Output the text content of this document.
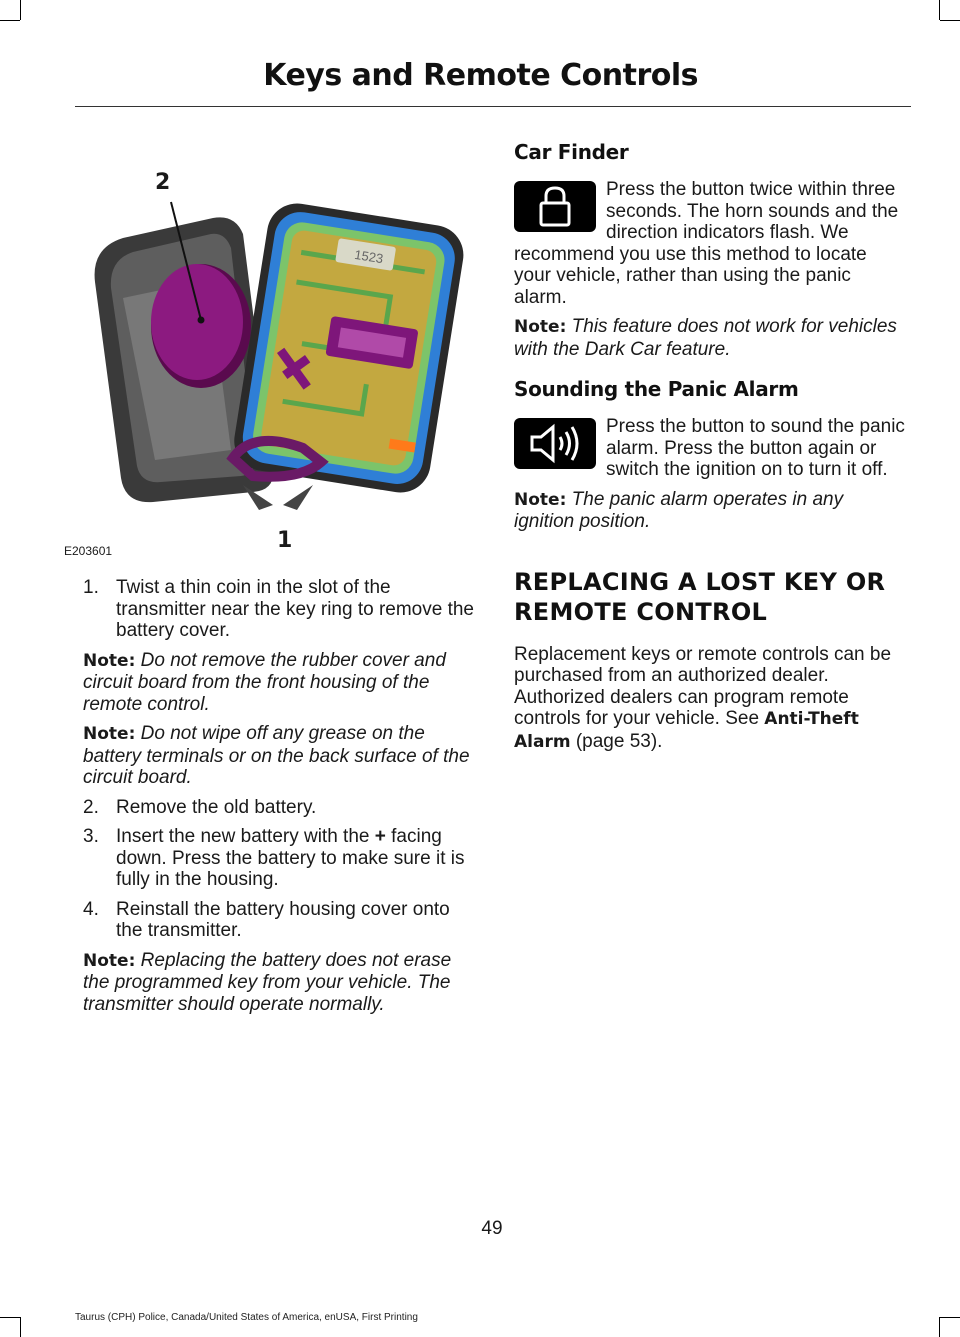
Keys and Remote Controls
1523
2
1
E203601

1. Twist a thin coin in the slot of the transmitter near the key ring to remove the battery cover.

Note: Do not remove the rubber cover and circuit board from the front housing of the remote control.

Note: Do not wipe off any grease on the battery terminals or on the back surface of the circuit board.

2. Remove the old battery.

3. Insert the new battery with the + facing down. Press the battery to make sure it is fully in the housing.

4. Reinstall the battery housing cover onto the transmitter.

Note: Replacing the battery does not erase the programmed key from your vehicle. The transmitter should operate normally.

Car Finder

Press the button twice within three seconds. The horn sounds and the direction indicators flash. We recommend you use this method to locate your vehicle, rather than using the panic alarm.

Note: This feature does not work for vehicles with the Dark Car feature.

Sounding the Panic Alarm

Press the button to sound the panic alarm. Press the button again or switch the ignition on to turn it off.

Note: The panic alarm operates in any ignition position.

REPLACING A LOST KEY OR
REMOTE CONTROL

Replacement keys or remote controls can be purchased from an authorized dealer. Authorized dealers can program remote controls for your vehicle. See Anti-Theft Alarm (page 53).

49
Taurus (CPH) Police, Canada/United States of America, enUSA, First Printing
